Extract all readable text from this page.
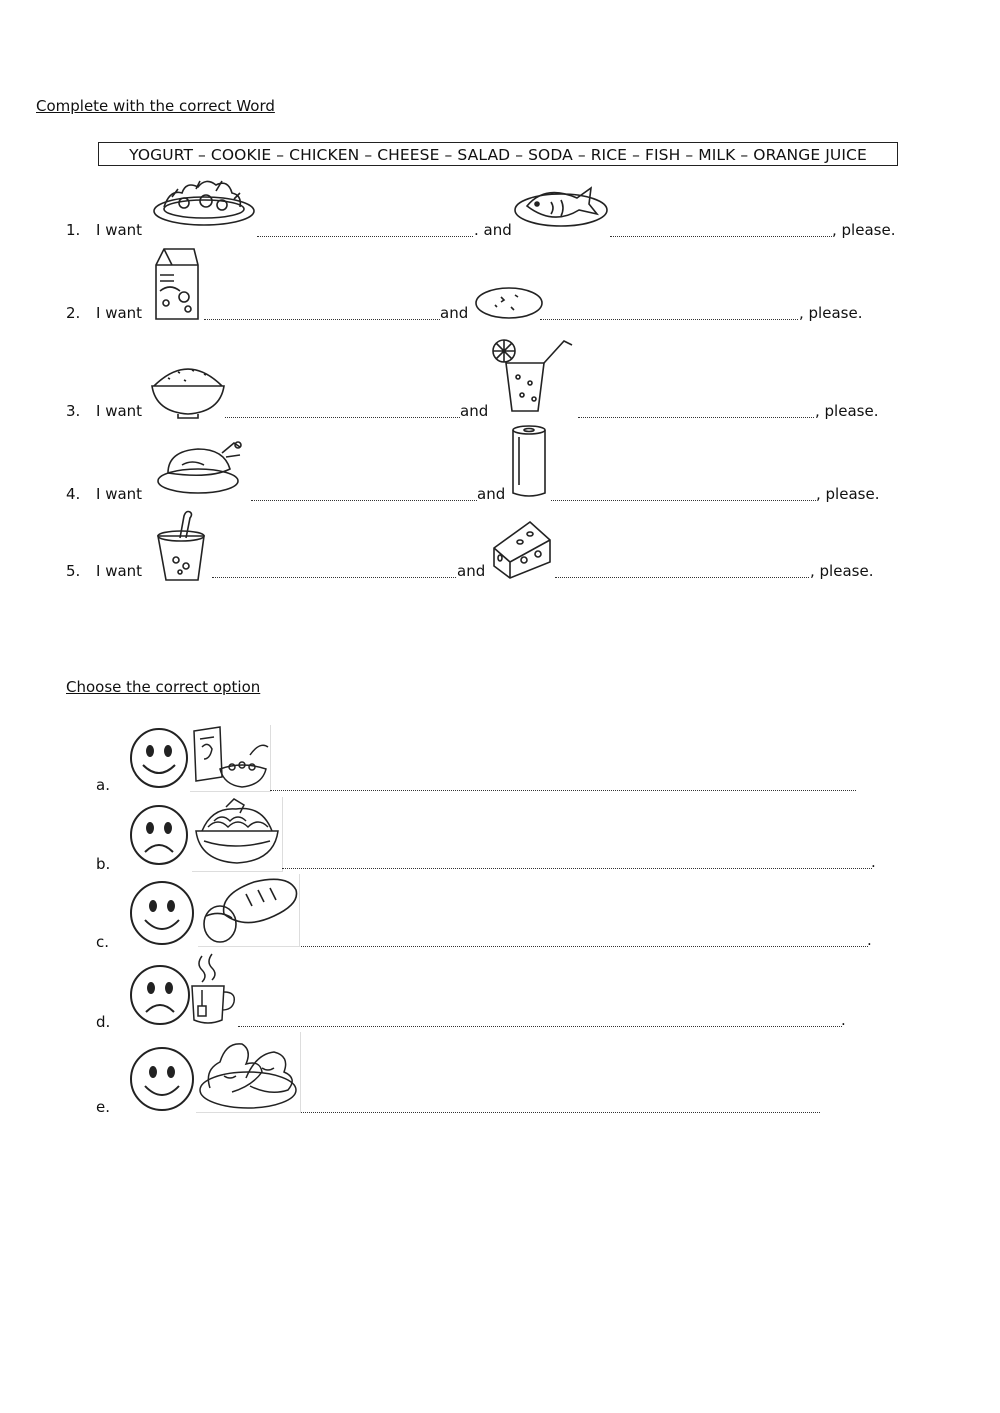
Complete with the correct Word
YOGURT – COOKIE – CHICKEN – CHEESE – SALAD – SODA – RICE – FISH – MILK – ORANGE JUICE
1. I want	. and	, please.
2. I want	and	, please.
3. I want	and	, please.
4. I want	and	, please.
5. I want	and	, please.
Choose the correct option
a.
b.	.
c.	.
d.	.
e.
